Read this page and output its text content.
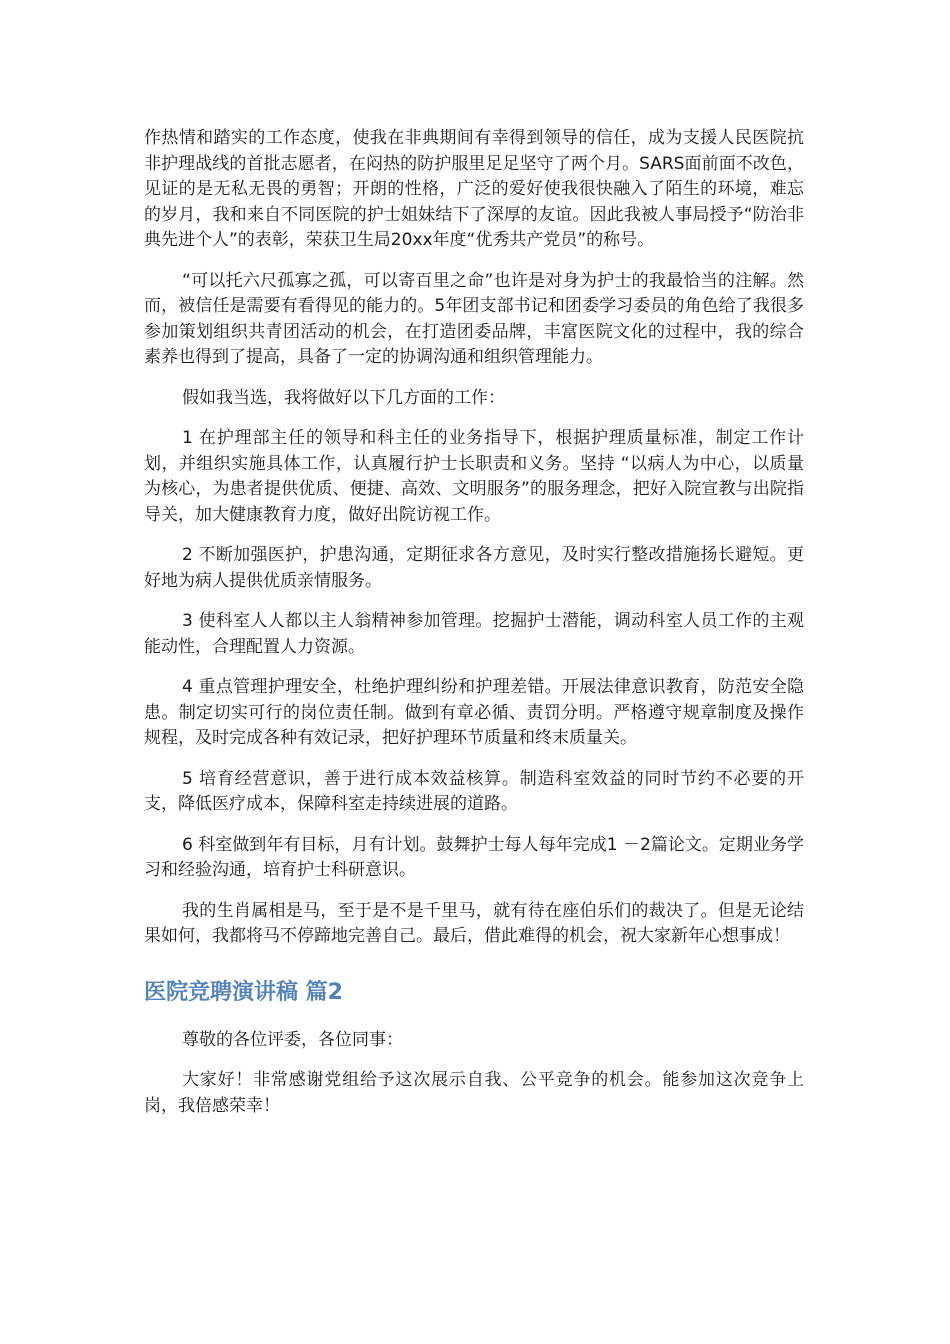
作热情和踏实的工作态度，使我在非典期间有幸得到领导的信任，成为支援人民医院抗非护理战线的首批志愿者，在闷热的防护服里足足坚守了两个月。SARS面前面不改色，见证的是无私无畏的勇智；开朗的性格，广泛的爱好使我很快融入了陌生的环境，难忘的岁月，我和来自不同医院的护士姐妹结下了深厚的友谊。因此我被人事局授予“防治非典先进个人”的表彰，荣获卫生局20xx年度“优秀共产党员”的称号。

“可以托六尺孤寡之孤，可以寄百里之命”也许是对身为护士的我最恰当的注解。然而，被信任是需要有看得见的能力的。5年团支部书记和团委学习委员的角色给了我很多参加策划组织共青团活动的机会，在打造团委品牌，丰富医院文化的过程中，我的综合素养也得到了提高，具备了一定的协调沟通和组织管理能力。

假如我当选，我将做好以下几方面的工作：

1 在护理部主任的领导和科主任的业务指导下，根据护理质量标准，制定工作计划，并组织实施具体工作，认真履行护士长职责和义务。坚持 “以病人为中心，以质量为核心，为患者提供优质、便捷、高效、文明服务”的服务理念，把好入院宣教与出院指导关，加大健康教育力度，做好出院访视工作。

2 不断加强医护，护患沟通，定期征求各方意见，及时实行整改措施扬长避短。更好地为病人提供优质亲情服务。

3 使科室人人都以主人翁精神参加管理。挖掘护士潜能，调动科室人员工作的主观能动性，合理配置人力资源。

4 重点管理护理安全，杜绝护理纠纷和护理差错。开展法律意识教育，防范安全隐患。制定切实可行的岗位责任制。做到有章必循、责罚分明。严格遵守规章制度及操作规程，及时完成各种有效记录，把好护理环节质量和终末质量关。

5 培育经营意识，善于进行成本效益核算。制造科室效益的同时节约不必要的开支，降低医疗成本，保障科室走持续进展的道路。

6 科室做到年有目标，月有计划。鼓舞护士每人每年完成1 －2篇论文。定期业务学习和经验沟通，培育护士科研意识。

我的生肖属相是马，至于是不是千里马，就有待在座伯乐们的裁决了。但是无论结果如何，我都将马不停蹄地完善自己。最后，借此难得的机会，祝大家新年心想事成！

医院竞聘演讲稿 篇2

尊敬的各位评委，各位同事：

大家好！非常感谢党组给予这次展示自我、公平竞争的机会。能参加这次竞争上岗，我倍感荣幸！
